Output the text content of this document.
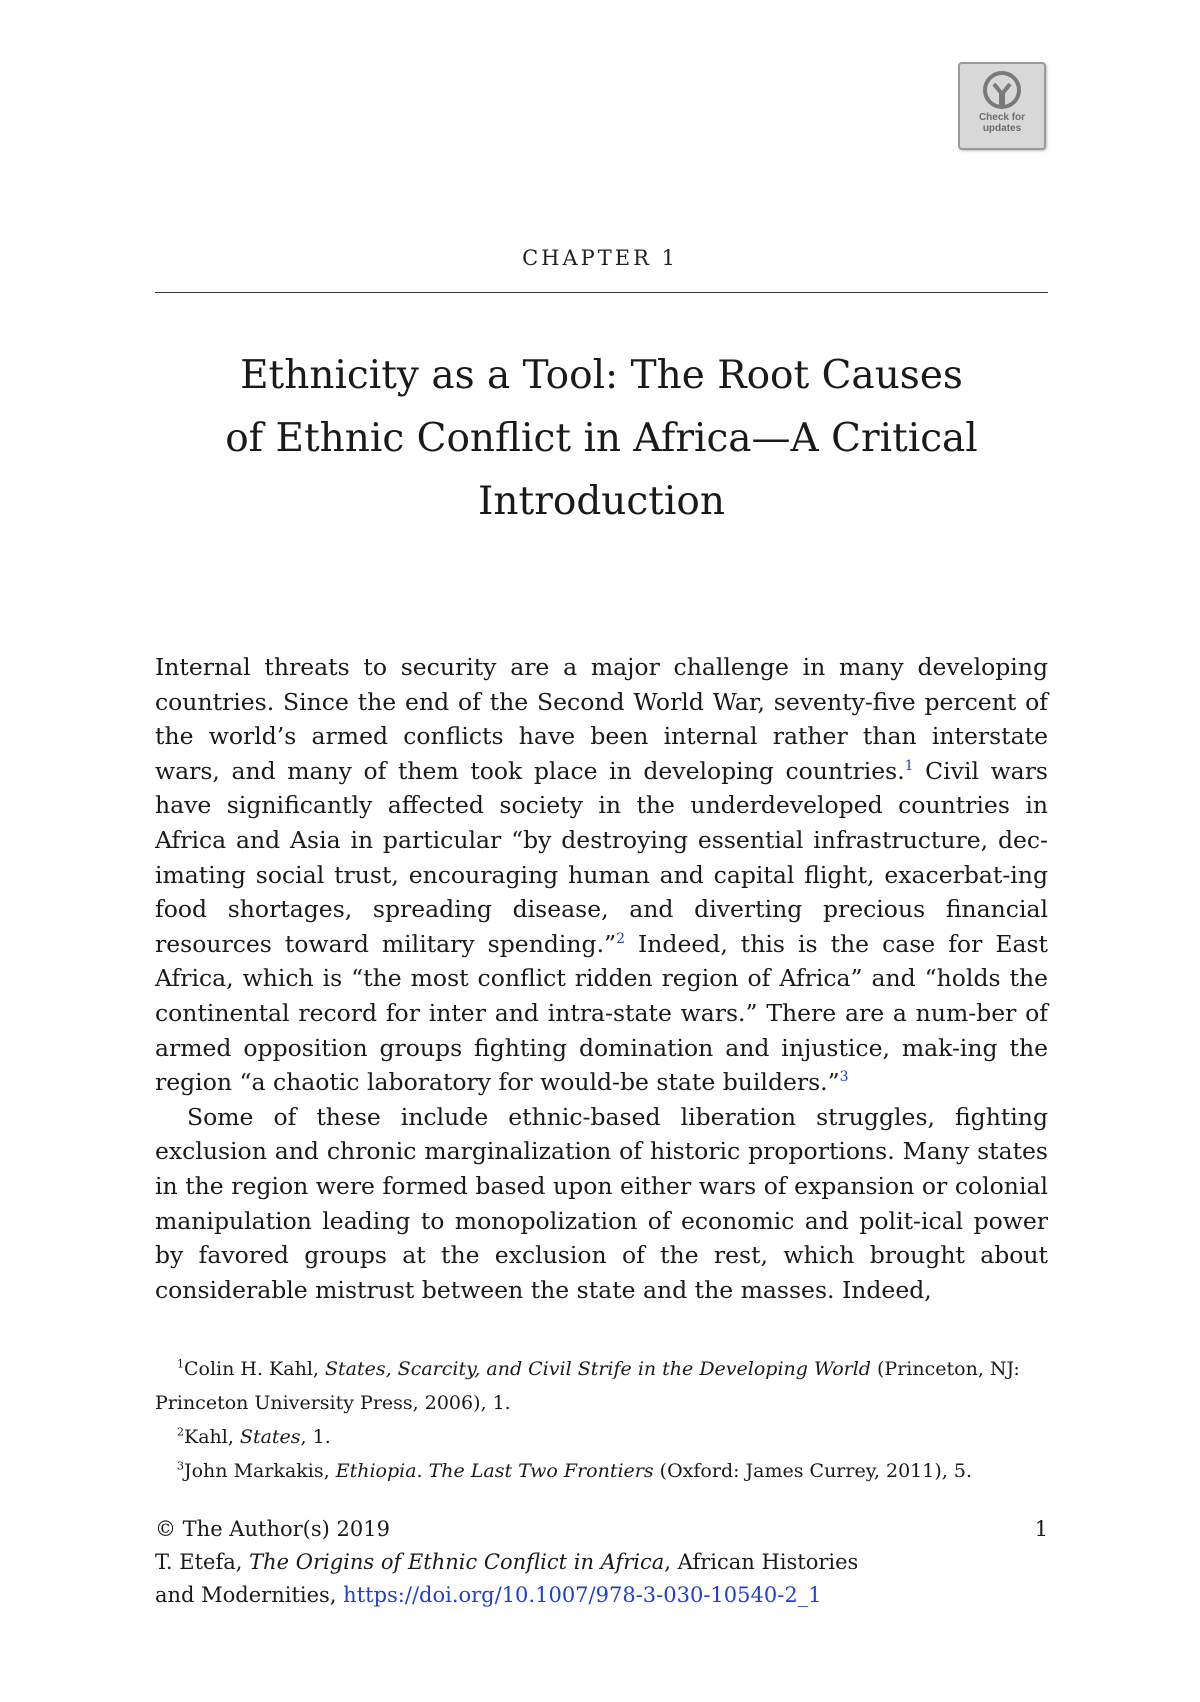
Check for updates
CHAPTER 1
Ethnicity as a Tool: The Root Causes
of Ethnic Conflict in Africa—A Critical
Introduction

Internal threats to security are a major challenge in many developing countries. Since the end of the Second World War, seventy-five percent of the world’s armed conflicts have been internal rather than interstate wars, and many of them took place in developing countries.$^1$ Civil wars have significantly affected society in the underdeveloped countries in Africa and Asia in particular “by destroying essential infrastructure, dec-imating social trust, encouraging human and capital flight, exacerbat-ing food shortages, spreading disease, and diverting precious financial resources toward military spending.”$^2$ Indeed, this is the case for East Africa, which is “the most conflict ridden region of Africa” and “holds the continental record for inter and intra-state wars.” There are a num-ber of armed opposition groups fighting domination and injustice, mak-ing the region “a chaotic laboratory for would-be state builders.”$^3$

Some of these include ethnic-based liberation struggles, fighting exclusion and chronic marginalization of historic proportions. Many states in the region were formed based upon either wars of expansion or colonial manipulation leading to monopolization of economic and polit-ical power by favored groups at the exclusion of the rest, which brought about considerable mistrust between the state and the masses. Indeed,

$^1$Colin H. Kahl, States, Scarcity, and Civil Strife in the Developing World (Princeton, NJ: Princeton University Press, 2006), 1.

$^2$Kahl, States, 1.

$^3$John Markakis, Ethiopia. The Last Two Frontiers (Oxford: James Currey, 2011), 5.

© The Author(s) 2019

T. Etefa, The Origins of Ethnic Conflict in Africa, African Histories

and Modernities, https://doi.org/10.1007/978-3-030-10540-2_1

1
